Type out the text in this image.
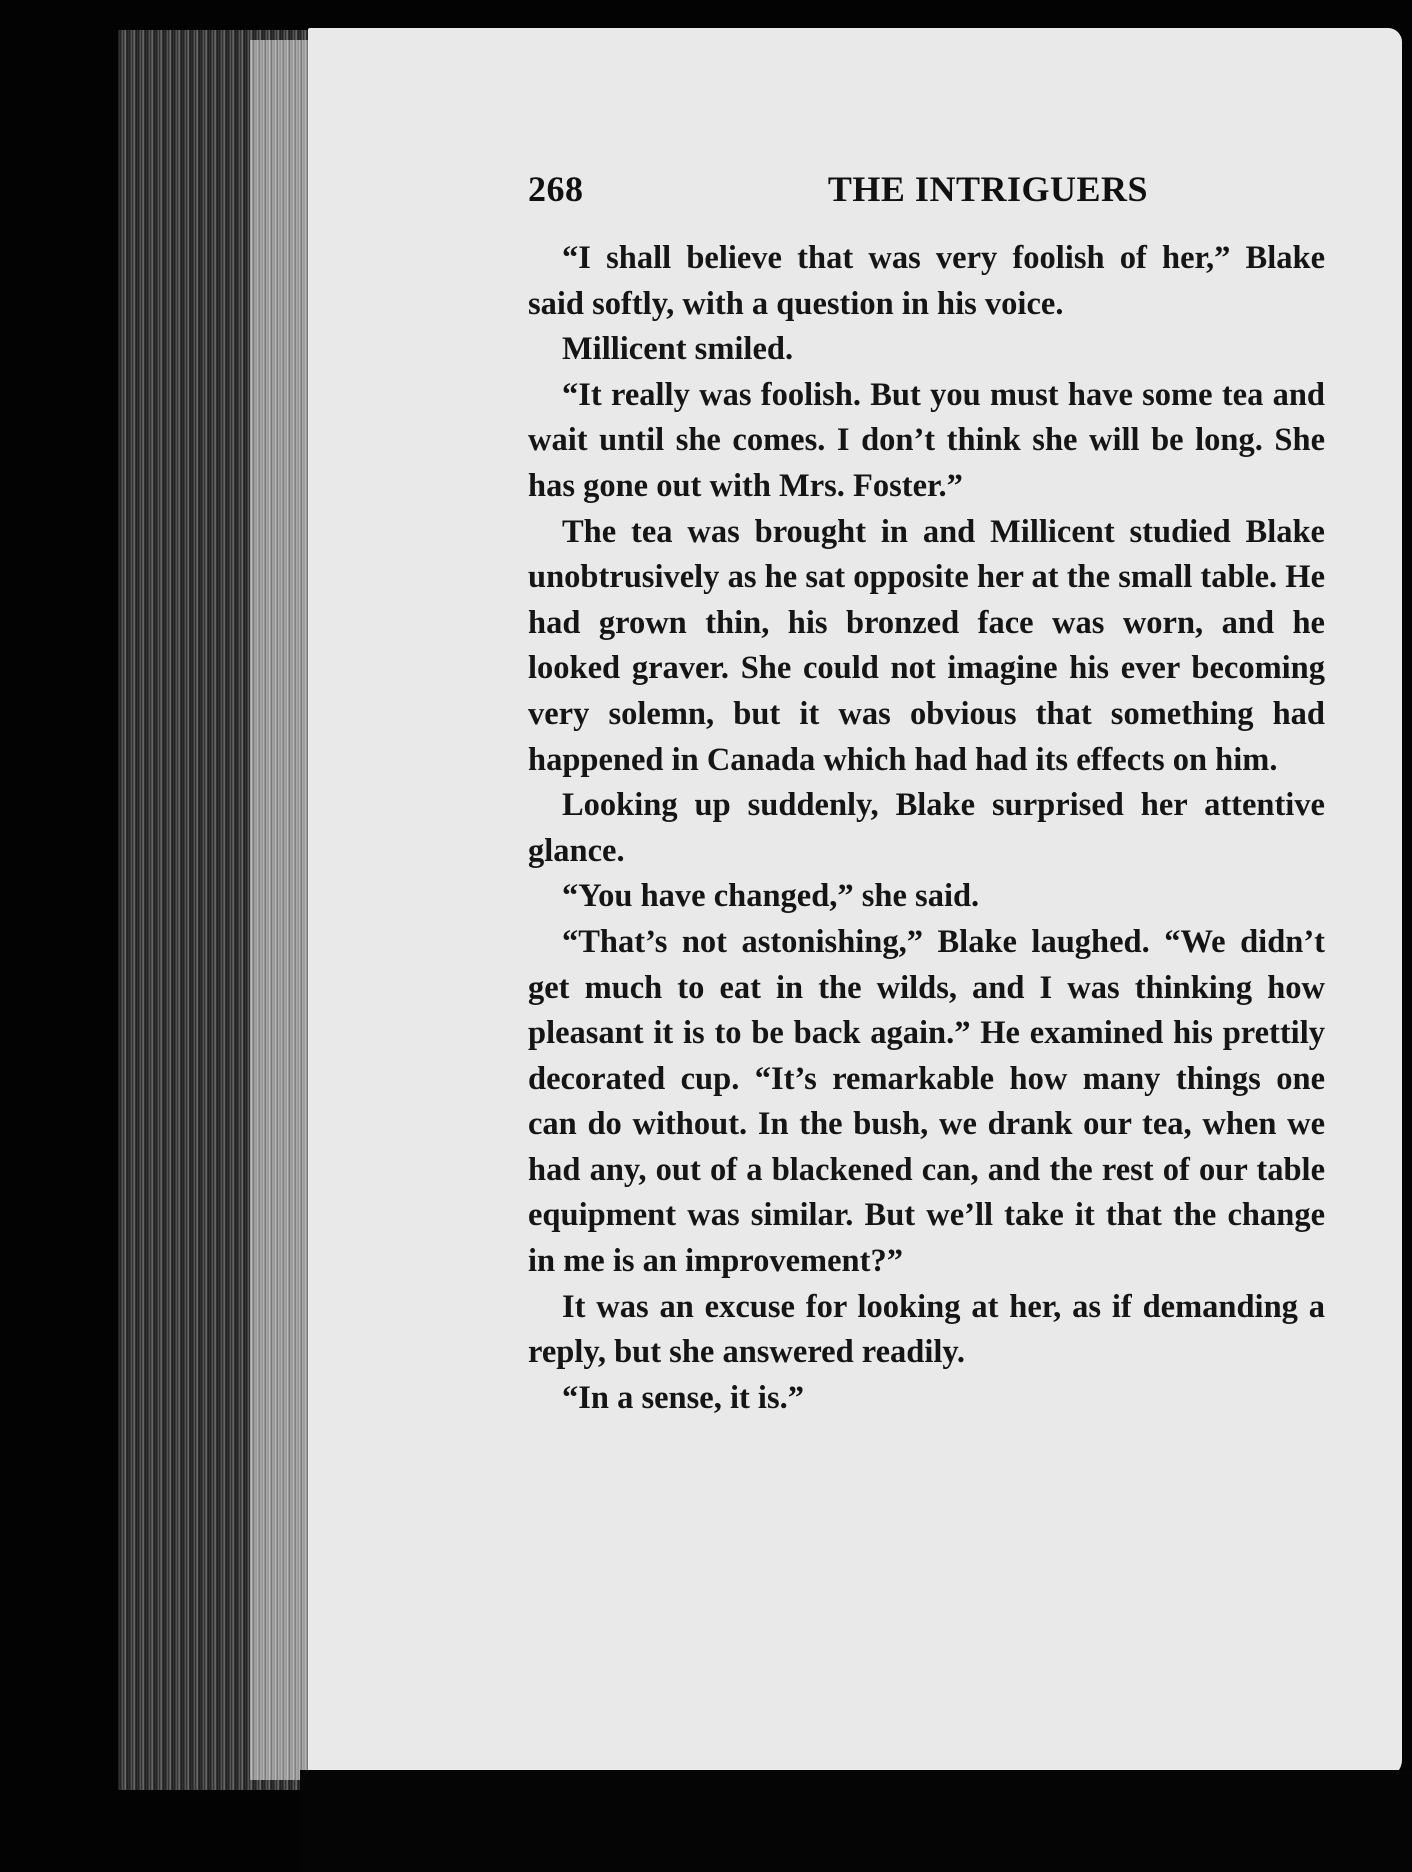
268	THE INTRIGUERS

“I shall believe that was very foolish of her,” Blake said softly, with a question in his voice.

Millicent smiled.

“It really was foolish. But you must have some tea and wait until she comes. I don’t think she will be long. She has gone out with Mrs. Foster.”

The tea was brought in and Millicent studied Blake unobtrusively as he sat opposite her at the small table. He had grown thin, his bronzed face was worn, and he looked graver. She could not imagine his ever becoming very solemn, but it was obvious that something had happened in Canada which had had its effects on him.

Looking up suddenly, Blake surprised her attentive glance.

“You have changed,” she said.

“That’s not astonishing,” Blake laughed. “We didn’t get much to eat in the wilds, and I was thinking how pleasant it is to be back again.” He examined his prettily decorated cup. “It’s remarkable how many things one can do without. In the bush, we drank our tea, when we had any, out of a blackened can, and the rest of our table equipment was similar. But we’ll take it that the change in me is an improvement?”

It was an excuse for looking at her, as if demanding a reply, but she answered readily.

“In a sense, it is.”
